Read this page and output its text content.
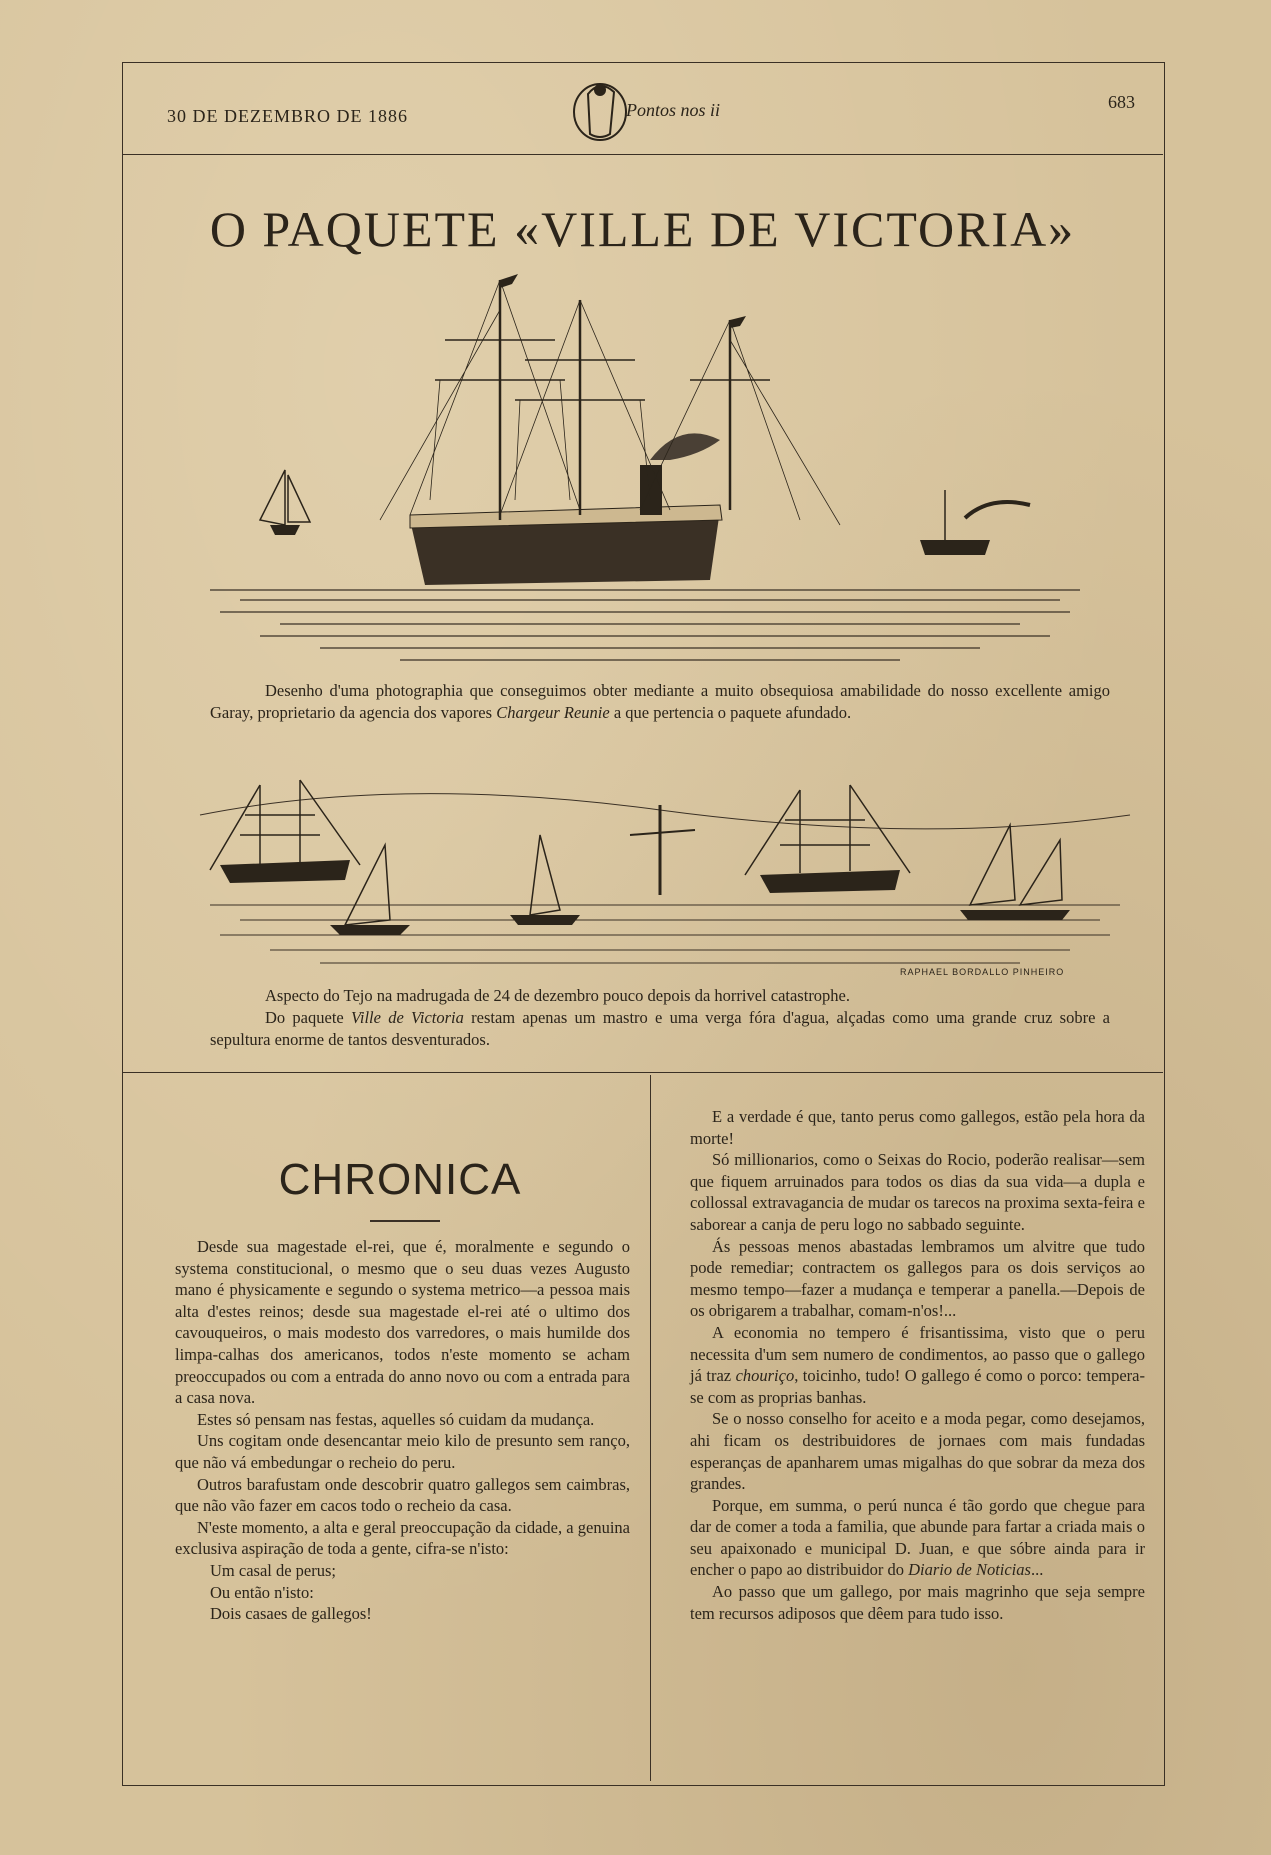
30 DE DEZEMBRO DE 1886	Pontos nos ii	683
O PAQUETE «VILLE DE VICTORIA»
Desenho d'uma photographia que conseguimos obter mediante a muito obsequiosa amabilidade do nosso excellente amigo Garay, proprietario da agencia dos vapores Chargeur Reunie a que pertencia o paquete afundado.
RAPHAEL BORDALLO PINHEIRO
Aspecto do Tejo na madrugada de 24 de dezembro pouco depois da horrivel catastrophe.
Do paquete Ville de Victoria restam apenas um mastro e uma verga fóra d'agua, alçadas como uma grande cruz sobre a sepultura enorme de tantos desventurados.
CHRONICA

Desde sua magestade el-rei, que é, moralmente e segundo o systema constitucional, o mesmo que o seu duas vezes Augusto mano é physicamente e segundo o systema metrico—a pessoa mais alta d'estes reinos; desde sua magestade el-rei até o ultimo dos cavouqueiros, o mais modesto dos varredores, o mais humilde dos limpa-calhas dos americanos, todos n'este momento se acham preoccupados ou com a entrada do anno novo ou com a entrada para a casa nova.

Estes só pensam nas festas, aquelles só cuidam da mudança.

Uns cogitam onde desencantar meio kilo de presunto sem ranço, que não vá embedungar o recheio do peru.

Outros barafustam onde descobrir quatro gallegos sem caimbras, que não vão fazer em cacos todo o recheio da casa.

N'este momento, a alta e geral preoccupação da cidade, a genuina exclusiva aspiração de toda a gente, cifra-se n'isto:

Um casal de perus;

Ou então n'isto:

Dois casaes de gallegos!

E a verdade é que, tanto perus como gallegos, estão pela hora da morte!

Só millionarios, como o Seixas do Rocio, poderão realisar—sem que fiquem arruinados para todos os dias da sua vida—a dupla e collossal extravagancia de mudar os tarecos na proxima sexta-feira e saborear a canja de peru logo no sabbado seguinte.

Ás pessoas menos abastadas lembramos um alvitre que tudo pode remediar; contractem os gallegos para os dois serviços ao mesmo tempo—fazer a mudança e temperar a panella.—Depois de os obrigarem a trabalhar, comam-n'os!...

A economia no tempero é frisantissima, visto que o peru necessita d'um sem numero de condimentos, ao passo que o gallego já traz chouriço, toicinho, tudo! O gallego é como o porco: tempera-se com as proprias banhas.

Se o nosso conselho for aceito e a moda pegar, como desejamos, ahi ficam os destribuidores de jornaes com mais fundadas esperanças de apanharem umas migalhas do que sobrar da meza dos grandes.

Porque, em summa, o perú nunca é tão gordo que chegue para dar de comer a toda a familia, que abunde para fartar a criada mais o seu apaixonado e municipal D. Juan, e que sóbre ainda para ir encher o papo ao distribuidor do Diario de Noticias...

Ao passo que um gallego, por mais magrinho que seja sempre tem recursos adiposos que dêem para tudo isso.
